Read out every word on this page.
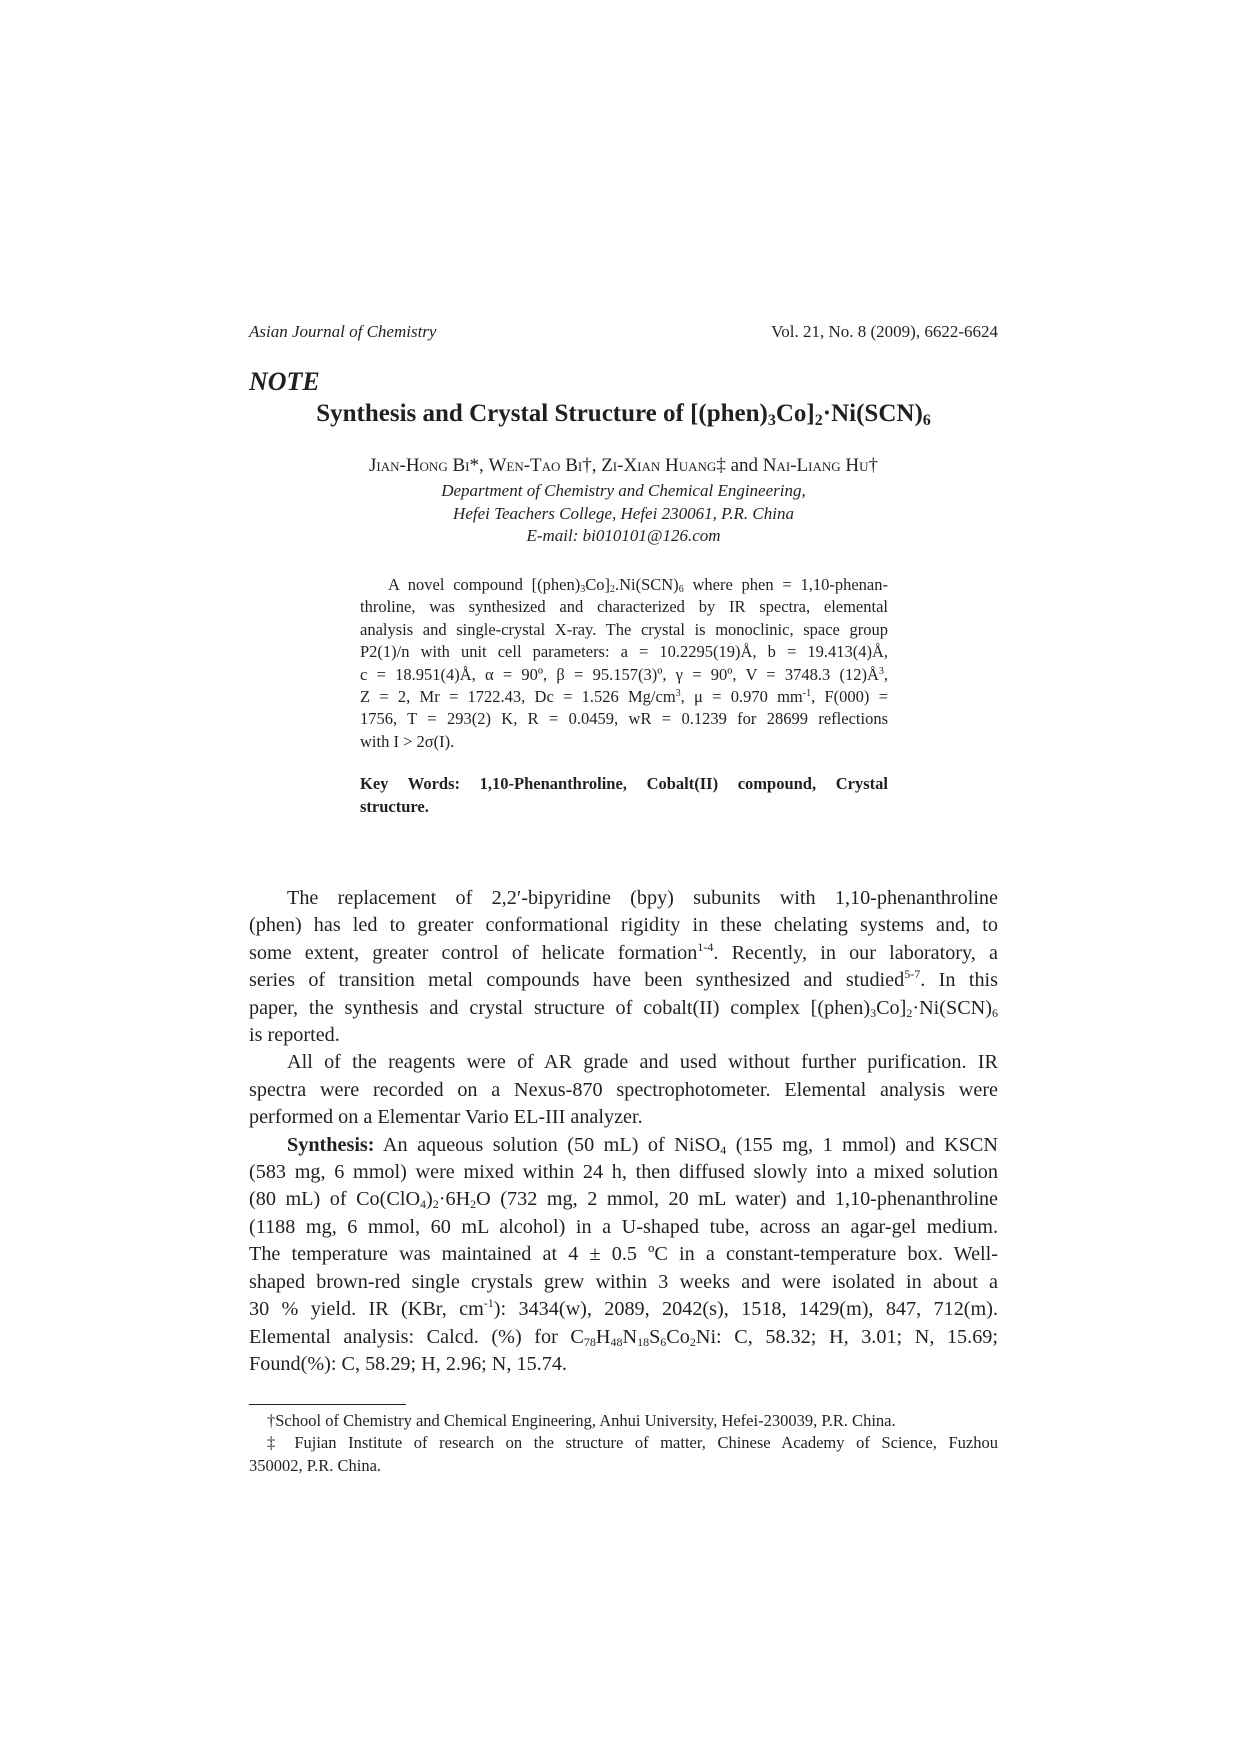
Asian Journal of Chemistry	Vol. 21, No. 8 (2009), 6622-6624
NOTE
Synthesis and Crystal Structure of $[(phen)_3Co]_2\cdot Ni(SCN)_6$
Jian-Hong Bi*, Wen-Tao Bi†, Zi-Xian Huang‡ and Nai-Liang Hu†
Department of Chemistry and Chemical Engineering,
Hefei Teachers College, Hefei 230061, P.R. China
E-mail: bi010101@126.com
A novel compound $[(phen)_3Co]_2.Ni(SCN)_6$ where phen = 1,10-phenan-
throline, was synthesized and characterized by IR spectra, elemental
analysis and single-crystal X-ray. The crystal is monoclinic, space group
P2(1)/n with unit cell parameters: a = 10.2295(19)Å, b = 19.413(4)Å,
c = 18.951(4)Å, α = 90º, β = 95.157(3)º, γ = 90º, V = 3748.3 $(12)Å^3$,
Z = 2, Mr = 1722.43, Dc = 1.526 $Mg/cm^3$, μ = 0.970 $mm^{-1}$, F(000) =
1756, T = 293(2) K, R = 0.0459, wR = 0.1239 for 28699 reflections
with I > 2σ(I).
Key Words: 1,10-Phenanthroline, Cobalt(II) compound, Crystal
structure.
The replacement of 2,2′-bipyridine (bpy) subunits with 1,10-phenanthroline
(phen) has led to greater conformational rigidity in these chelating systems and, to
some extent, greater control of helicate formation$^{1-4}$. Recently, in our laboratory, a
series of transition metal compounds have been synthesized and studied$^{5-7}$. In this
paper, the synthesis and crystal structure of cobalt(II) complex $[(phen)_3Co]_2\cdot Ni(SCN)_6$
is reported.
All of the reagents were of AR grade and used without further purification. IR
spectra were recorded on a Nexus-870 spectrophotometer. Elemental analysis were
performed on a Elementar Vario EL-III analyzer.
Synthesis: An aqueous solution (50 mL) of NiSO$_4$ (155 mg, 1 mmol) and KSCN
(583 mg, 6 mmol) were mixed within 24 h, then diffused slowly into a mixed solution
(80 mL) of $Co(ClO_4)_2\cdot 6H_2O$ (732 mg, 2 mmol, 20 mL water) and 1,10-phenanthroline
(1188 mg, 6 mmol, 60 mL alcohol) in a U-shaped tube, across an agar-gel medium.
The temperature was maintained at 4 ± 0.5 ºC in a constant-temperature box. Well-
shaped brown-red single crystals grew within 3 weeks and were isolated in about a
30 % yield. IR (KBr, $cm^{-1}$): 3434(w), 2089, 2042(s), 1518, 1429(m), 847, 712(m).
Elemental analysis: Calcd. (%) for $C_{78}H_{48}N_{18}S_6Co_2Ni$: C, 58.32; H, 3.01; N, 15.69;
Found(%): C, 58.29; H, 2.96; N, 15.74.
†School of Chemistry and Chemical Engineering, Anhui University, Hefei-230039, P.R. China.
‡ Fujian Institute of research on the structure of matter, Chinese Academy of Science, Fuzhou
350002, P.R. China.
